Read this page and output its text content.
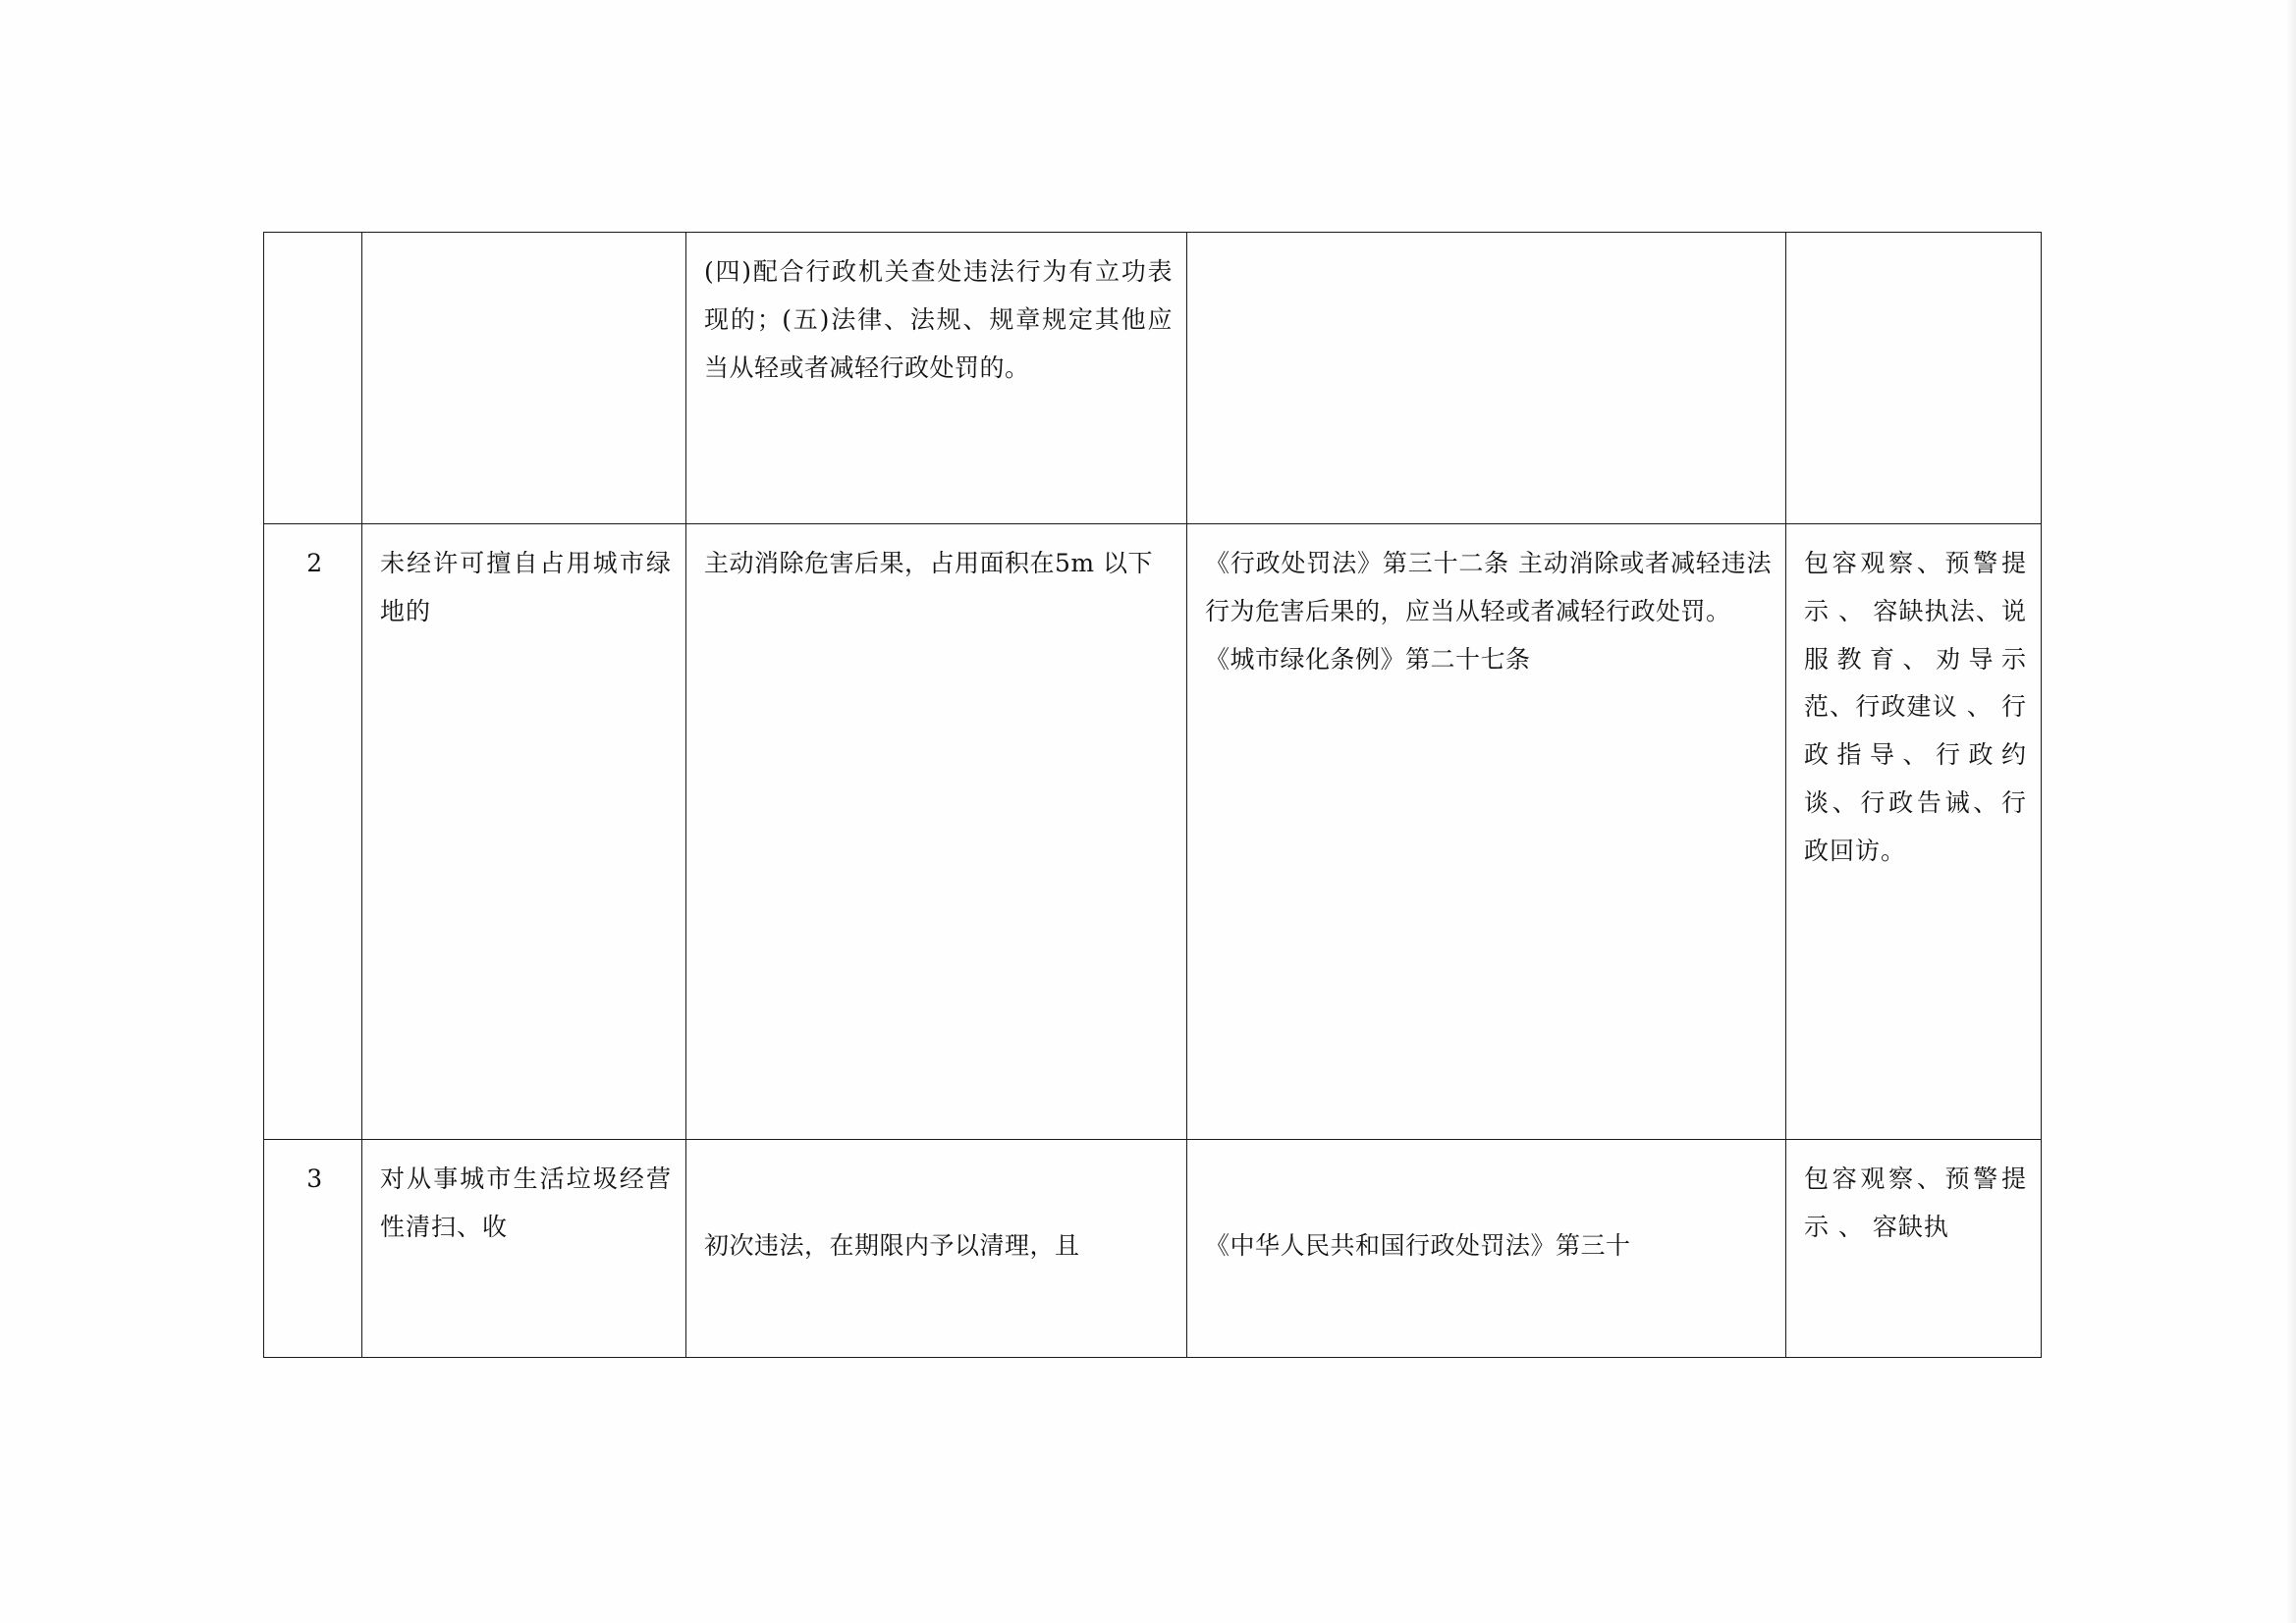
		(四)配合行政机关查处违法行为有立功表现的；(五)法律、法规、规章规定其他应当从轻或者减轻行政处罚的。		

2	未经许可擅自占用城市绿地的	主动消除危害后果，占用面积在5m 以下	《行政处罚法》第三十二条 主动消除或者减轻违法行为危害后果的，应当从轻或者减轻行政处罚。
《城市绿化条例》第二十七条	包容观察、预警提示 、 容缺执法、说服教育、劝导示范、行政建议 、 行政指导、行政约谈、行政告诫、行政回访。

3	对从事城市生活垃圾经营性清扫、收	初次违法，在期限内予以清理，且	《中华人民共和国行政处罚法》第三十	包容观察、预警提示 、 容缺执
